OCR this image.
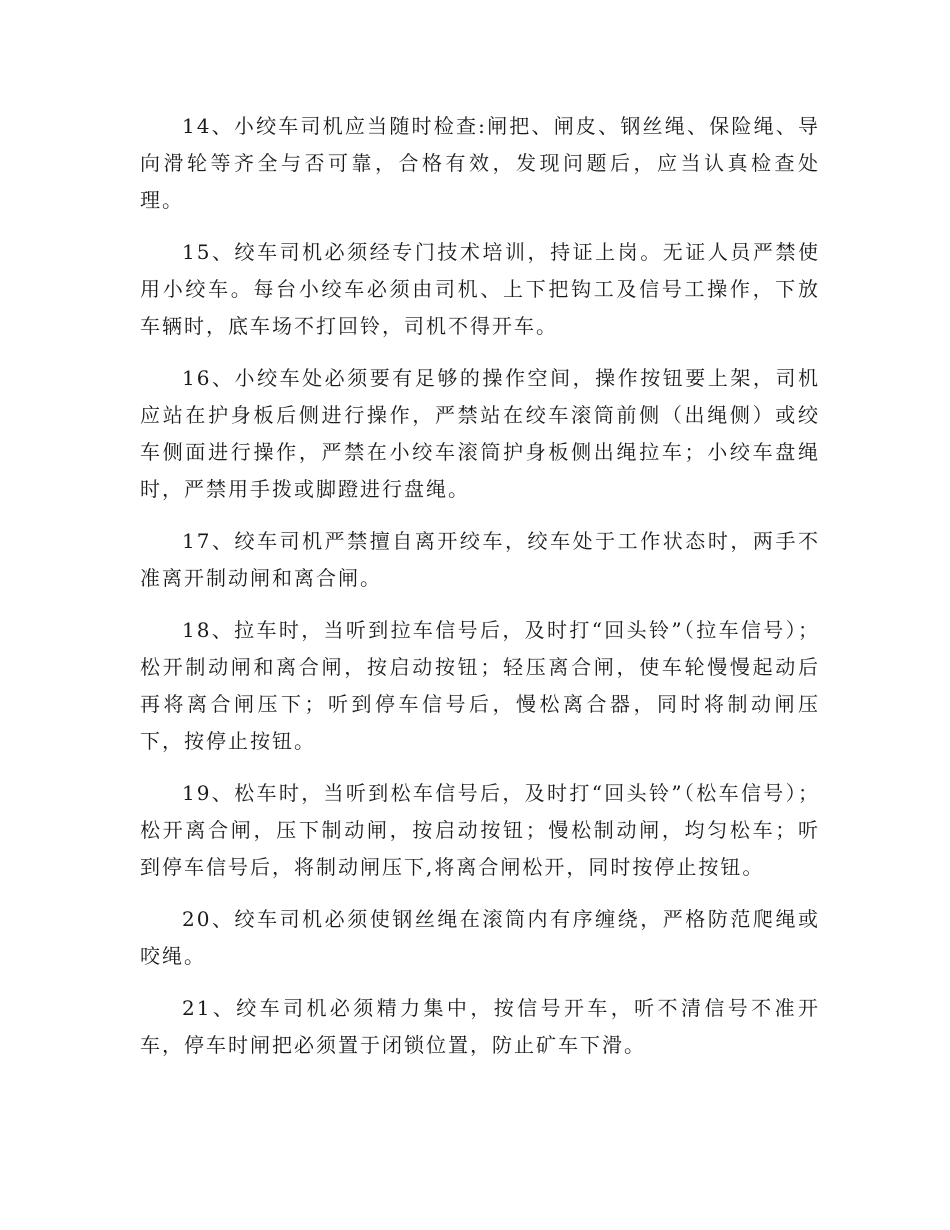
14、小绞车司机应当随时检查:闸把、闸皮、钢丝绳、保险绳、导向滑轮等齐全与否可靠，合格有效，发现问题后，应当认真检查处理。

15、绞车司机必须经专门技术培训，持证上岗。无证人员严禁使用小绞车。每台小绞车必须由司机、上下把钩工及信号工操作，下放车辆时，底车场不打回铃，司机不得开车。

16、小绞车处必须要有足够的操作空间，操作按钮要上架，司机应站在护身板后侧进行操作，严禁站在绞车滚筒前侧（出绳侧）或绞车侧面进行操作，严禁在小绞车滚筒护身板侧出绳拉车；小绞车盘绳时，严禁用手拨或脚蹬进行盘绳。

17、绞车司机严禁擅自离开绞车，绞车处于工作状态时，两手不准离开制动闸和离合闸。

18、拉车时，当听到拉车信号后，及时打“回头铃”（拉车信号）；松开制动闸和离合闸，按启动按钮；轻压离合闸，使车轮慢慢起动后再将离合闸压下；听到停车信号后，慢松离合器，同时将制动闸压下，按停止按钮。

19、松车时，当听到松车信号后，及时打“回头铃”（松车信号）；松开离合闸，压下制动闸，按启动按钮；慢松制动闸，均匀松车；听到停车信号后，将制动闸压下,将离合闸松开，同时按停止按钮。

20、绞车司机必须使钢丝绳在滚筒内有序缠绕，严格防范爬绳或咬绳。

21、绞车司机必须精力集中，按信号开车，听不清信号不准开车，停车时闸把必须置于闭锁位置，防止矿车下滑。
